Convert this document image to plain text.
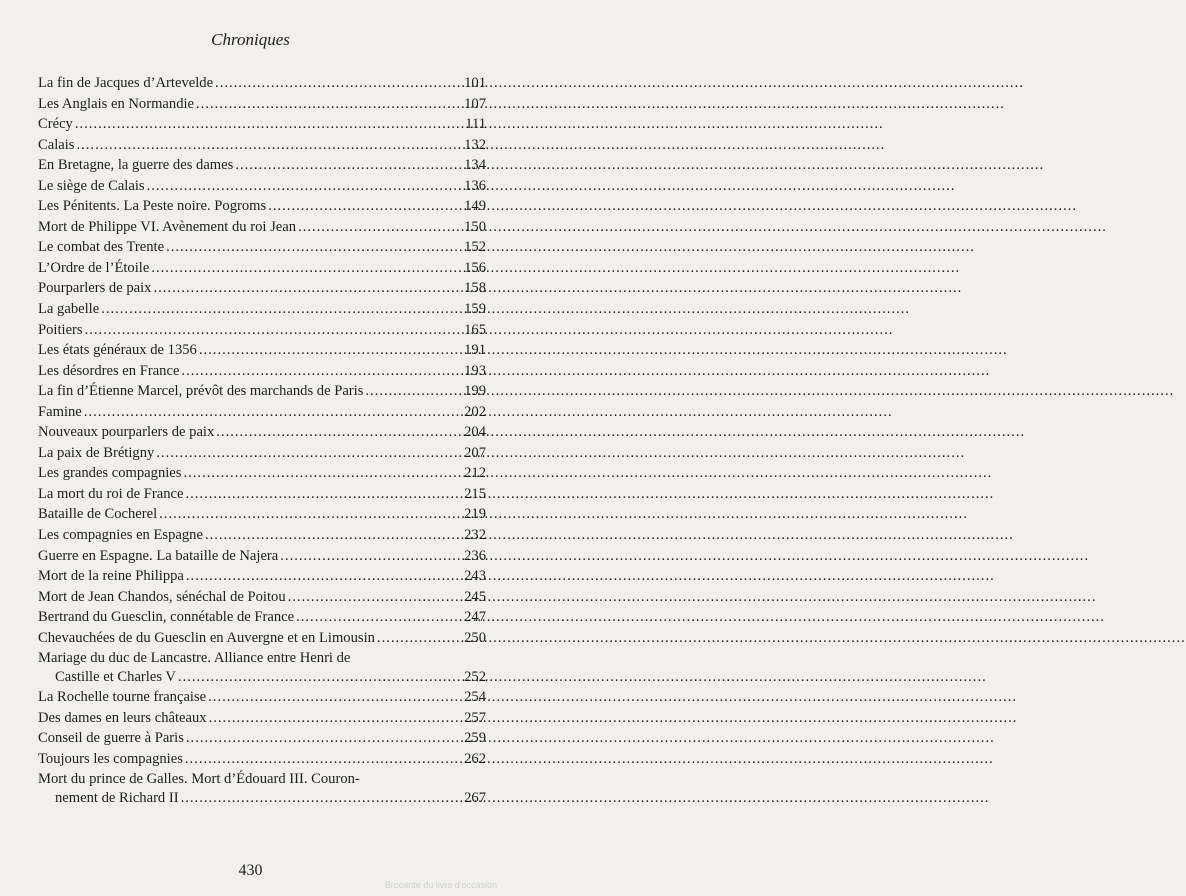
Chroniques
La fin de Jacques d’Artevelde .....	101
Les Anglais en Normandie .....	107
Crécy .....	111
Calais .....	132
En Bretagne, la guerre des dames .....	134
Le siège de Calais .....	136
Les Pénitents. La Peste noire. Pogroms .....	149
Mort de Philippe VI. Avènement du roi Jean .....	150
Le combat des Trente .....	152
L’Ordre de l’Étoile .....	156
Pourparlers de paix .....	158
La gabelle .....	159
Poitiers .....	165
Les états généraux de 1356 .....	191
Les désordres en France .....	193
La fin d’Étienne Marcel, prévôt des marchands de Paris .....	199
Famine .....	202
Nouveaux pourparlers de paix .....	204
La paix de Brétigny .....	207
Les grandes compagnies .....	212
La mort du roi de France .....	215
Bataille de Cocherel .....	219
Les compagnies en Espagne .....	232
Guerre en Espagne. La bataille de Najera .....	236
Mort de la reine Philippa .....	243
Mort de Jean Chandos, sénéchal de Poitou .....	245
Bertrand du Guesclin, connétable de France .....	247
Chevauchées de du Guesclin en Auvergne et en Limousin .....	250
Mariage du duc de Lancastre. Alliance entre Henri de
Castille et Charles V .....	252
La Rochelle tourne française .....	254
Des dames en leurs châteaux .....	257
Conseil de guerre à Paris .....	259
Toujours les compagnies .....	262
Mort du prince de Galles. Mort d’Édouard III. Couron-
nement de Richard II .....	267
430
Brocante du livre d'occasion
